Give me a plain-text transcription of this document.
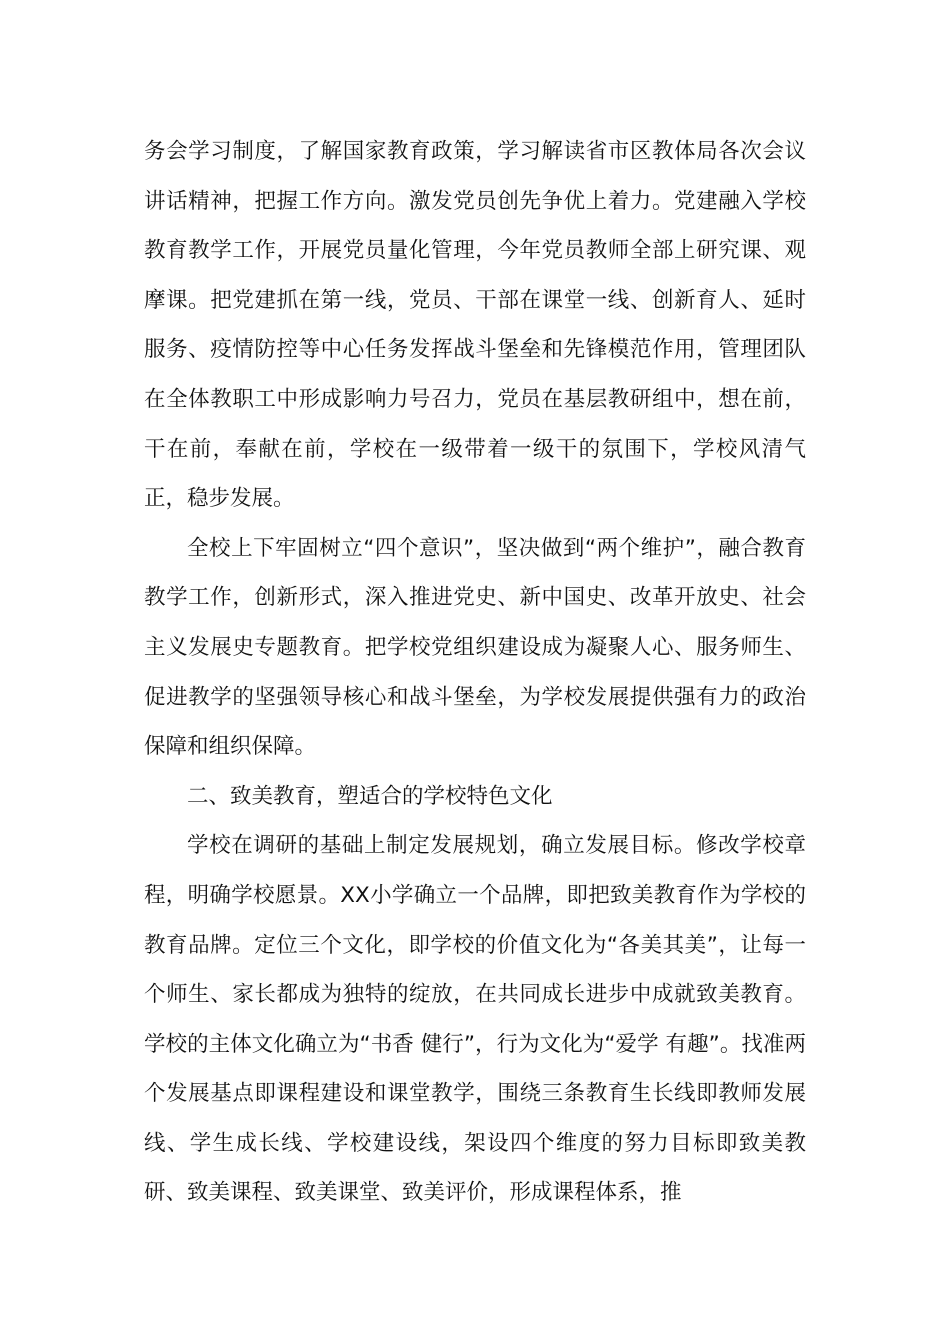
务会学习制度，了解国家教育政策，学习解读省市区教体局各次会议讲话精神，把握工作方向。激发党员创先争优上着力。党建融入学校教育教学工作，开展党员量化管理，今年党员教师全部上研究课、观摩课。把党建抓在第一线，党员、干部在课堂一线、创新育人、延时服务、疫情防控等中心任务发挥战斗堡垒和先锋模范作用，管理团队在全体教职工中形成影响力号召力，党员在基层教研组中，想在前，干在前，奉献在前，学校在一级带着一级干的氛围下，学校风清气正，稳步发展。

全校上下牢固树立“四个意识”，坚决做到“两个维护”，融合教育教学工作，创新形式，深入推进党史、新中国史、改革开放史、社会主义发展史专题教育。把学校党组织建设成为凝聚人心、服务师生、促进教学的坚强领导核心和战斗堡垒，为学校发展提供强有力的政治保障和组织保障。

二、致美教育，塑适合的学校特色文化

学校在调研的基础上制定发展规划，确立发展目标。修改学校章程，明确学校愿景。XX小学确立一个品牌，即把致美教育作为学校的教育品牌。定位三个文化，即学校的价值文化为“各美其美”，让每一个师生、家长都成为独特的绽放，在共同成长进步中成就致美教育。学校的主体文化确立为“书香 健行”，行为文化为“爱学 有趣”。找准两个发展基点即课程建设和课堂教学，围绕三条教育生长线即教师发展线、学生成长线、学校建设线，架设四个维度的努力目标即致美教研、致美课程、致美课堂、致美评价，形成课程体系，推
